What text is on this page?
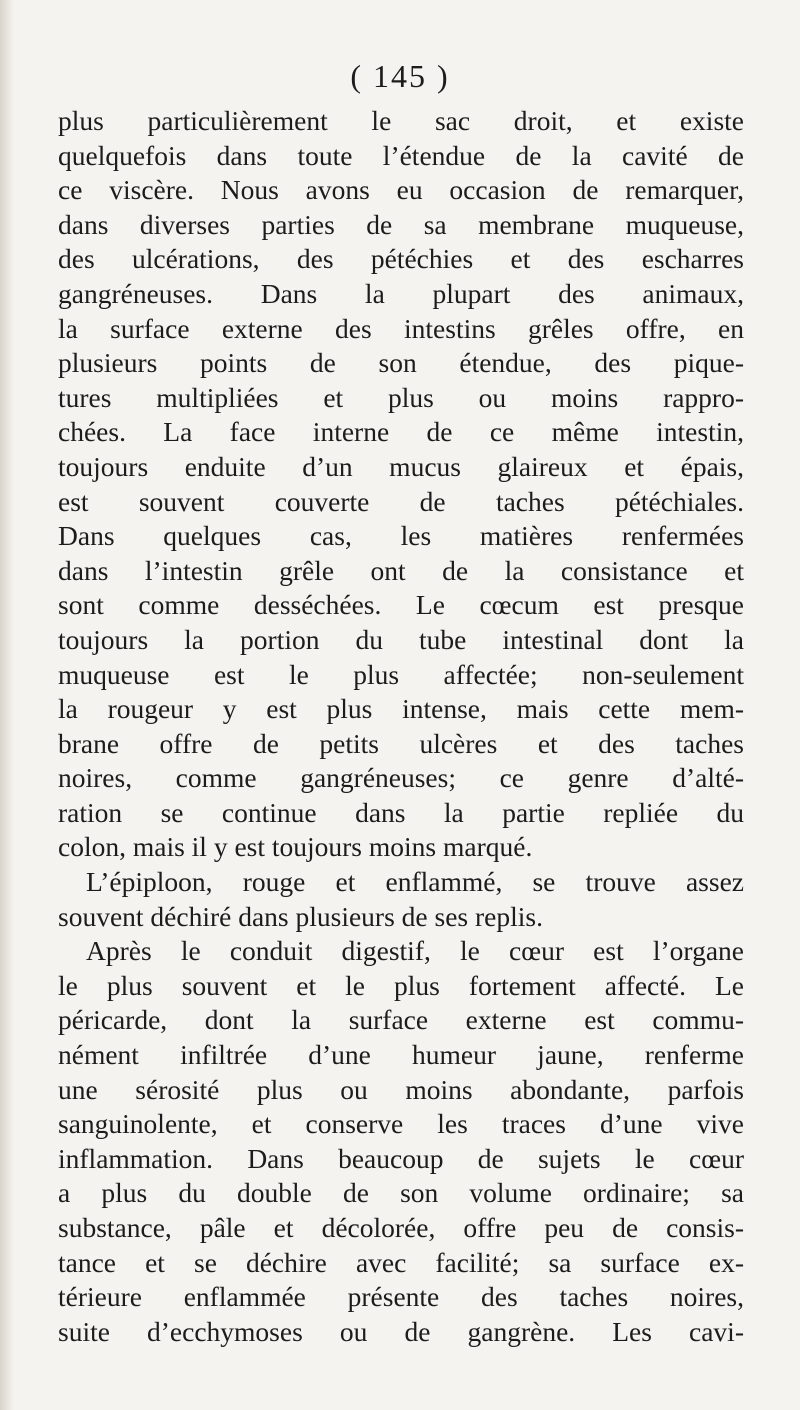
( 145 )
plus particulièrement le sac droit, et existe
quelquefois dans toute l’étendue de la cavité de
ce viscère. Nous avons eu occasion de remarquer,
dans diverses parties de sa membrane muqueuse,
des ulcérations, des pétéchies et des escharres
gangréneuses. Dans la plupart des animaux,
la surface externe des intestins grêles offre, en
plusieurs points de son étendue, des pique-
tures multipliées et plus ou moins rappro-
chées. La face interne de ce même intestin,
toujours enduite d’un mucus glaireux et épais,
est souvent couverte de taches pétéchiales.
Dans quelques cas, les matières renfermées
dans l’intestin grêle ont de la consistance et
sont comme desséchées. Le cœcum est presque
toujours la portion du tube intestinal dont la
muqueuse est le plus affectée; non-seulement
la rougeur y est plus intense, mais cette mem-
brane offre de petits ulcères et des taches
noires, comme gangréneuses; ce genre d’alté-
ration se continue dans la partie repliée du
colon, mais il y est toujours moins marqué.
L’épiploon, rouge et enflammé, se trouve assez
souvent déchiré dans plusieurs de ses replis.
Après le conduit digestif, le cœur est l’organe
le plus souvent et le plus fortement affecté. Le
péricarde, dont la surface externe est commu-
nément infiltrée d’une humeur jaune, renferme
une sérosité plus ou moins abondante, parfois
sanguinolente, et conserve les traces d’une vive
inflammation. Dans beaucoup de sujets le cœur
a plus du double de son volume ordinaire; sa
substance, pâle et décolorée, offre peu de consis-
tance et se déchire avec facilité; sa surface ex-
térieure enflammée présente des taches noires,
suite d’ecchymoses ou de gangrène. Les cavi-
